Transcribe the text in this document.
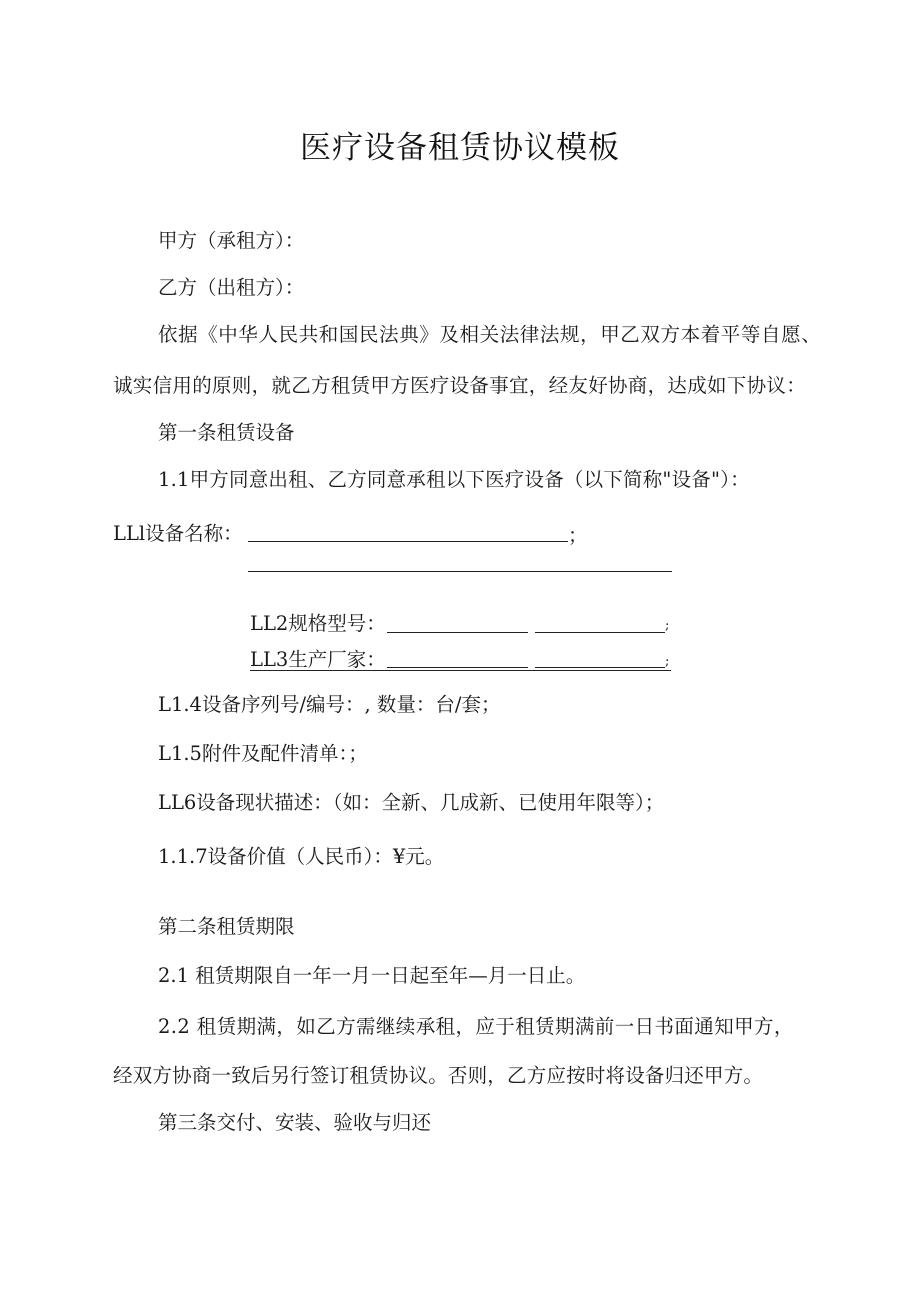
医疗设备租赁协议模板
甲方（承租方）：
乙方（出租方）：
依据《中华人民共和国民法典》及相关法律法规，甲乙双方本着平等自愿、
诚实信用的原则，就乙方租赁甲方医疗设备事宜，经友好协商，达成如下协议：
第一条租赁设备
1.1甲方同意出租、乙方同意承租以下医疗设备（以下简称"设备"）：
LLl设备名称：	；
LL2规格型号：	;
LL3生产厂家：	;
L1.4设备序列号/编号：, 数量：台/套；
L1.5附件及配件清单：；
LL6设备现状描述：（如：全新、几成新、已使用年限等）；
1.1.7设备价值（人民币）：¥元。
第二条租赁期限
2.1 租赁期限自一年一月一日起至年—月一日止。
2.2 租赁期满，如乙方需继续承租，应于租赁期满前一日书面通知甲方，
经双方协商一致后另行签订租赁协议。否则，乙方应按时将设备归还甲方。
第三条交付、安装、验收与归还
